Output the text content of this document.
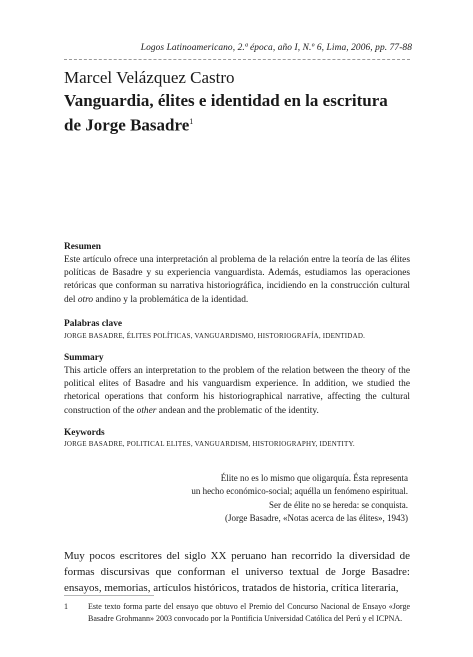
Logos Latinoamericano, 2.ª época, año I, N.º 6, Lima, 2006, pp. 77-88
Marcel Velázquez Castro
Vanguardia, élites e identidad en la escritura de Jorge Basadre$^1$
Resumen

Este artículo ofrece una interpretación al problema de la relación entre la teoría de las élites políticas de Basadre y su experiencia vanguardista. Además, estudiamos las operaciones retóricas que conforman su narrativa historiográfica, incidiendo en la construcción cultural del otro andino y la problemática de la identidad.

Palabras clave
JORGE BASADRE, ÉLITES POLÍTICAS, VANGUARDISMO, HISTORIOGRAFÍA, IDENTIDAD.
Summary

This article offers an interpretation to the problem of the relation between the theory of the political elites of Basadre and his vanguardism experience. In addition, we studied the rhetorical operations that conform his historiographical narrative, affecting the cultural construction of the other andean and the problematic of the identity.

Keywords
JORGE BASADRE, POLITICAL ELITES, VANGUARDISM, HISTORIOGRAPHY, IDENTITY.
Élite no es lo mismo que oligarquía. Ésta representa
un hecho económico-social; aquélla un fenómeno espiritual.
Ser de élite no se hereda: se conquista.
(Jorge Basadre, «Notas acerca de las élites», 1943)

Muy pocos escritores del siglo XX peruano han recorrido la diversidad de formas discursivas que conforman el universo textual de Jorge Basadre: ensayos, memorias, artículos históricos, tratados de historia, crítica literaria,

1	Este texto forma parte del ensayo que obtuvo el Premio del Concurso Nacional de Ensayo «Jorge Basadre Grohmann» 2003 convocado por la Pontificia Universidad Católica del Perú y el ICPNA.
